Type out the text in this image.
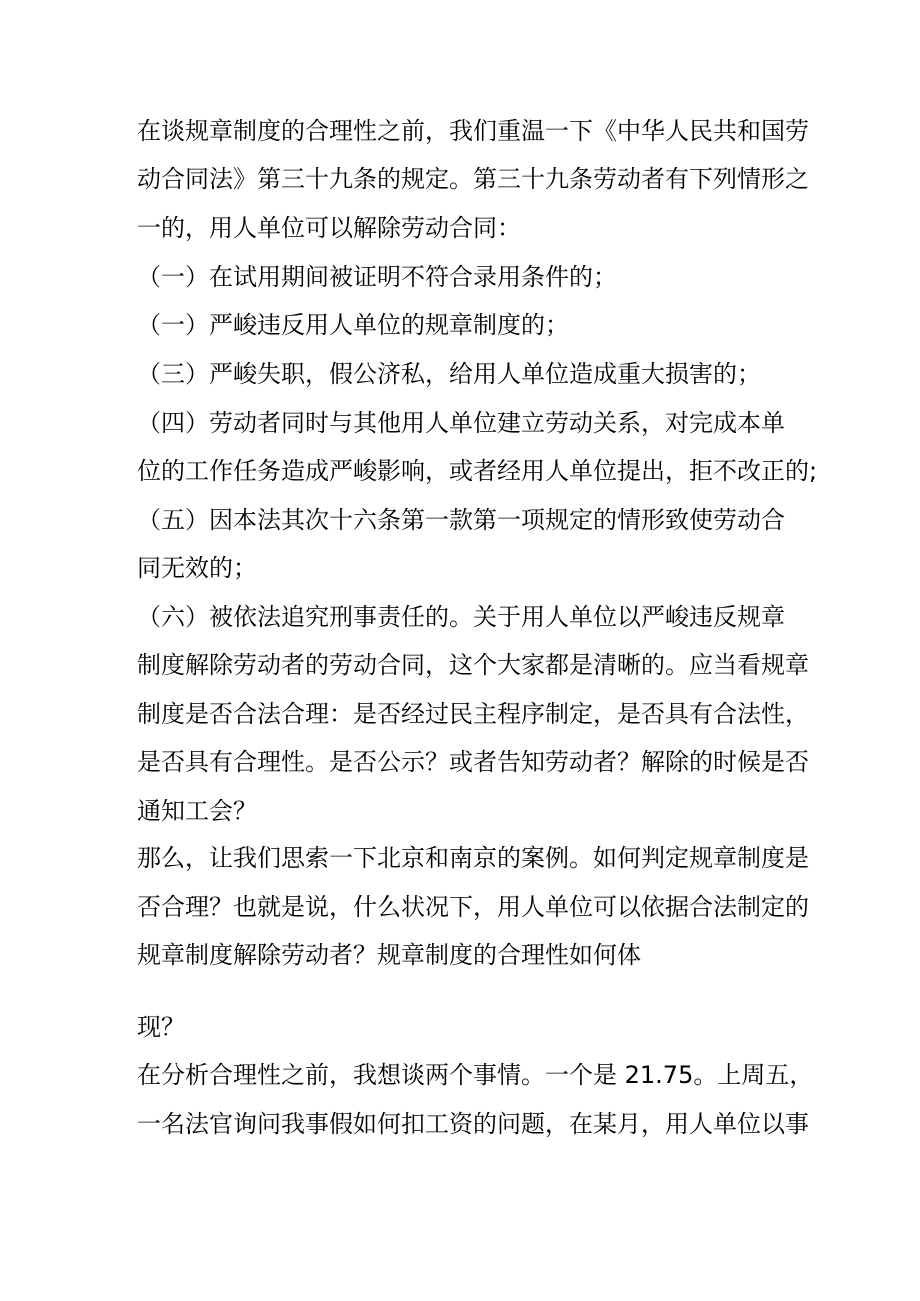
在谈规章制度的合理性之前，我们重温一下《中华人民共和国劳
动合同法》第三十九条的规定。第三十九条劳动者有下列情形之
一的，用人单位可以解除劳动合同：
（一）在试用期间被证明不符合录用条件的；
（一）严峻违反用人单位的规章制度的；
（三）严峻失职，假公济私，给用人单位造成重大损害的；
（四）劳动者同时与其他用人单位建立劳动关系，对完成本单
位的工作任务造成严峻影响，或者经用人单位提出，拒不改正的;
（五）因本法其次十六条第一款第一项规定的情形致使劳动合
同无效的；
（六）被依法追究刑事责任的。关于用人单位以严峻违反规章
制度解除劳动者的劳动合同，这个大家都是清晰的。应当看规章
制度是否合法合理：是否经过民主程序制定，是否具有合法性，
是否具有合理性。是否公示？或者告知劳动者？解除的时候是否
通知工会？
那么，让我们思索一下北京和南京的案例。如何判定规章制度是
否合理？也就是说，什么状况下，用人单位可以依据合法制定的
规章制度解除劳动者？规章制度的合理性如何体
现？
在分析合理性之前，我想谈两个事情。一个是 21.75。上周五，
一名法官询问我事假如何扣工资的问题，在某月，用人单位以事
